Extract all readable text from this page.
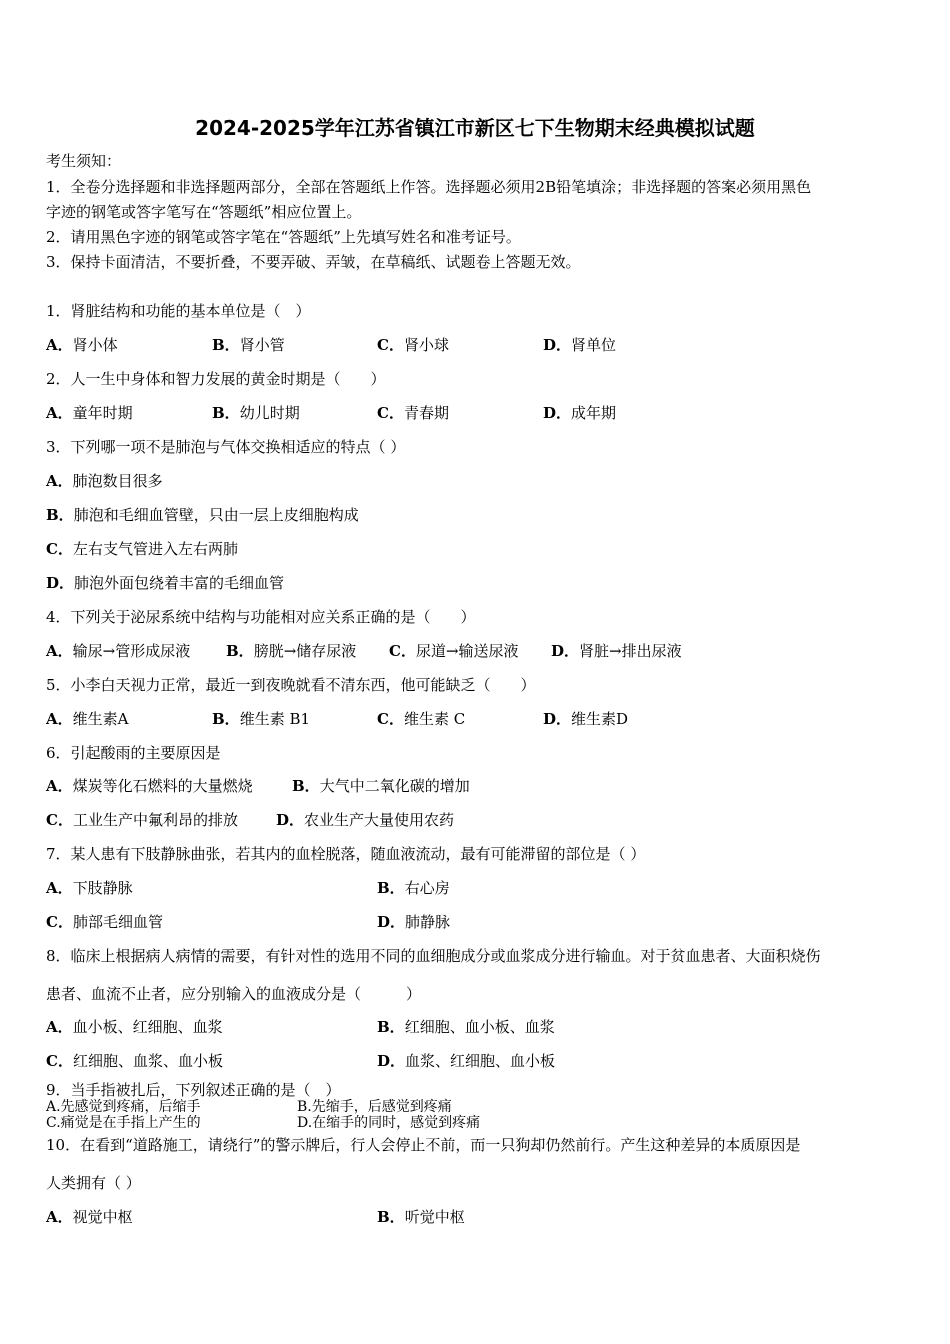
2024-2025学年江苏省镇江市新区七下生物期末经典模拟试题
考生须知：
1．全卷分选择题和非选择题两部分，全部在答题纸上作答。选择题必须用2B铅笔填涂；非选择题的答案必须用黑色
字迹的钢笔或答字笔写在“答题纸”相应位置上。
2．请用黑色字迹的钢笔或答字笔在“答题纸”上先填写姓名和准考证号。
3．保持卡面清洁，不要折叠，不要弄破、弄皱，在草稿纸、试题卷上答题无效。
1．肾脏结构和功能的基本单位是（　）
A．肾小体	B．肾小管	C．肾小球	D．肾单位
2．人一生中身体和智力发展的黄金时期是（　　）
A．童年时期	B．幼儿时期	C．青春期	D．成年期
3．下列哪一项不是肺泡与气体交换相适应的特点（ ）
A．肺泡数目很多
B．肺泡和毛细血管壁，只由一层上皮细胞构成
C．左右支气管进入左右两肺
D．肺泡外面包绕着丰富的毛细血管
4．下列关于泌尿系统中结构与功能相对应关系正确的是（　　）
A．输尿→管形成尿液 B．膀胱→储存尿液 C．尿道→输送尿液 D．肾脏→排出尿液
5．小李白天视力正常，最近一到夜晚就看不清东西，他可能缺乏（　　）
A．维生素A	B．维生素 B1	C．维生素 C	D．维生素D
6．引起酸雨的主要原因是
A．煤炭等化石燃料的大量燃烧	B．大气中二氧化碳的增加
C．工业生产中氟利昂的排放	D．农业生产大量使用农药
7．某人患有下肢静脉曲张，若其内的血栓脱落，随血液流动，最有可能滞留的部位是（ ）
A．下肢静脉	B．右心房
C．肺部毛细血管	D．肺静脉
8．临床上根据病人病情的需要，有针对性的选用不同的血细胞成分或血浆成分进行输血。对于贫血患者、大面积烧伤
患者、血流不止者，应分别输入的血液成分是（　　　）
A．血小板、红细胞、血浆	B．红细胞、血小板、血浆
C．红细胞、血浆、血小板	D．血浆、红细胞、血小板
9．当手指被扎后，下列叙述正确的是（　）
A.先感觉到疼痛，后缩手	B.先缩手，后感觉到疼痛
C.痛觉是在手指上产生的	D.在缩手的同时，感觉到疼痛
10．在看到“道路施工，请绕行”的警示牌后，行人会停止不前，而一只狗却仍然前行。产生这种差异的本质原因是
人类拥有（ ）
A．视觉中枢	B．听觉中枢
